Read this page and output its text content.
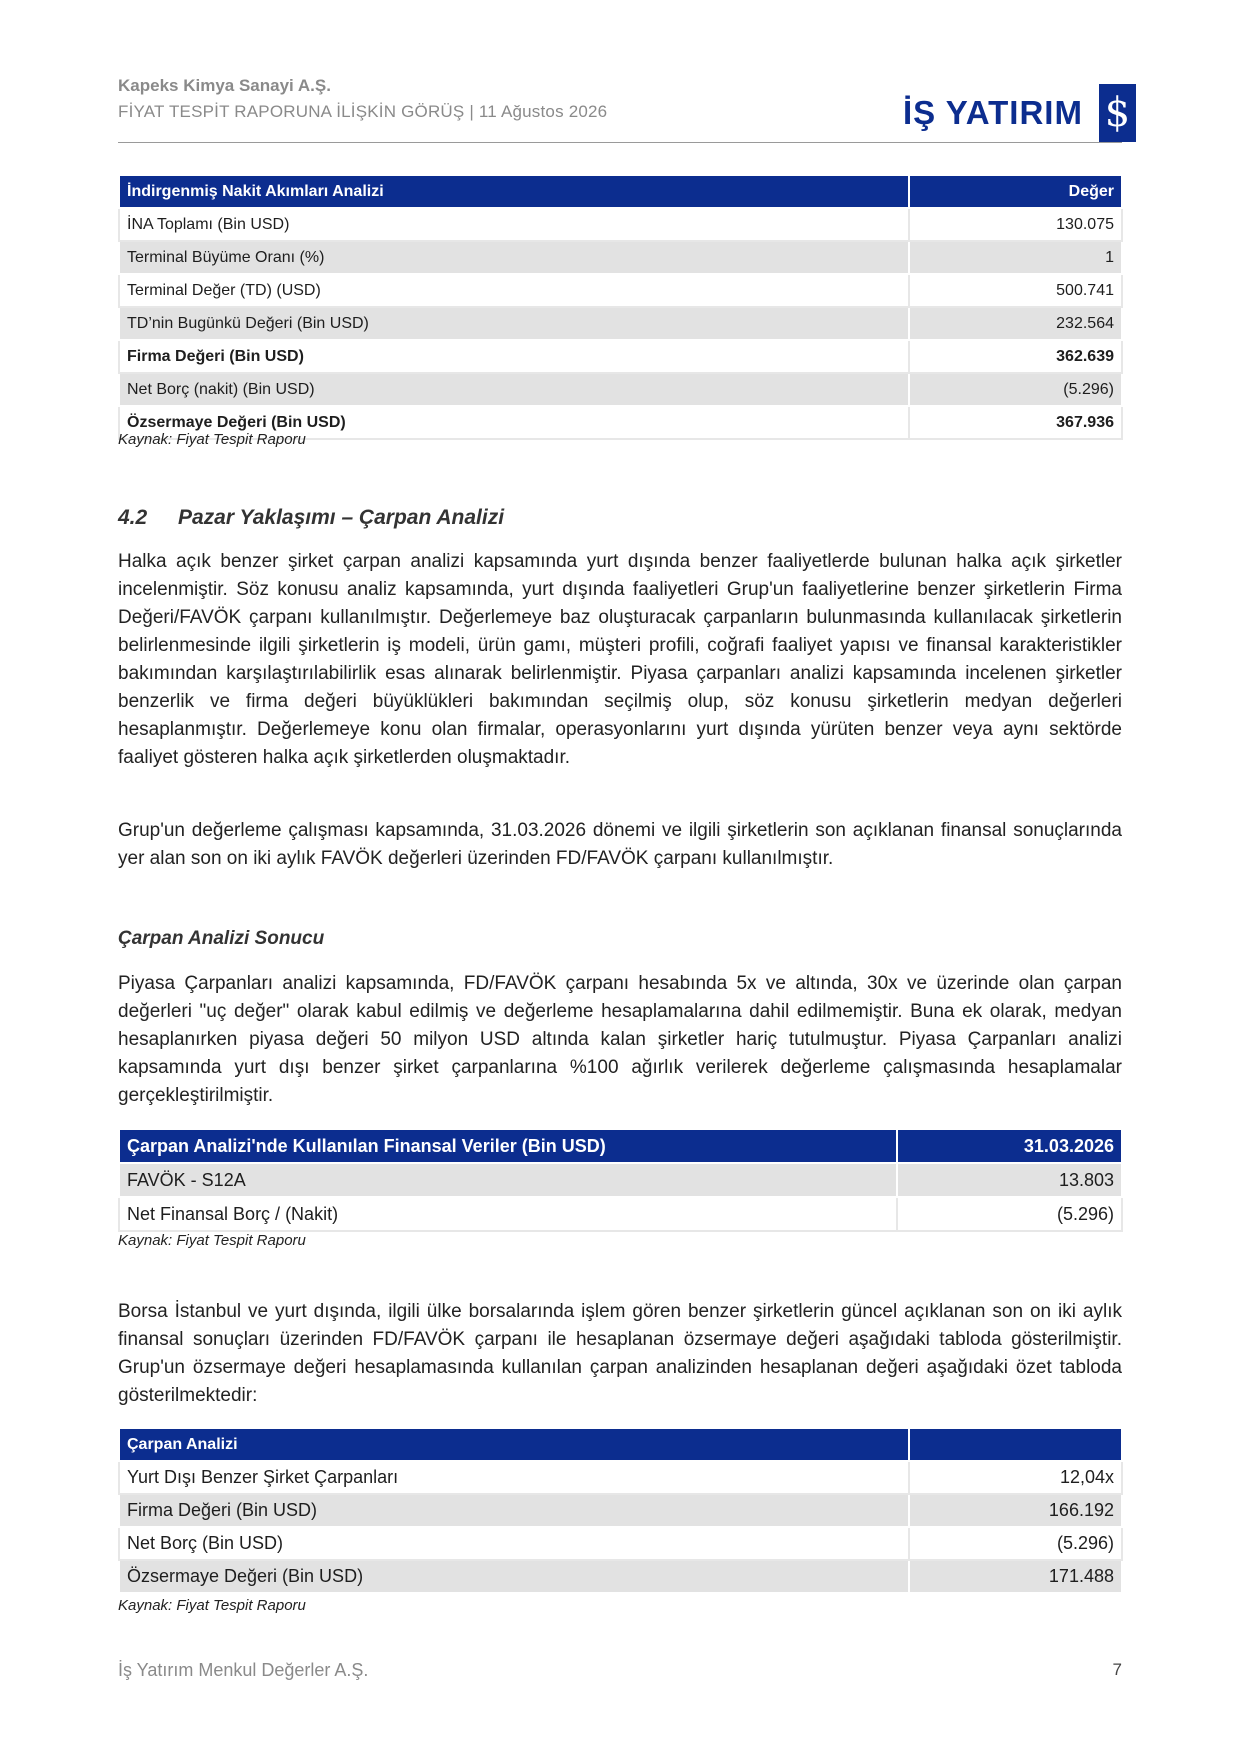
Kapeks Kimya Sanayi A.Ş.
FİYAT TESPİT RAPORUNA İLİŞKİN GÖRÜŞ | 11 Ağustos 2026	İŞ YATIRIM $
İndirgenmiş Nakit Akımları Analizi	Değer
İNA Toplamı (Bin USD)	130.075
Terminal Büyüme Oranı (%)	1
Terminal Değer (TD) (USD)	500.741
TD’nin Bugünkü Değeri (Bin USD)	232.564
Firma Değeri (Bin USD)	362.639
Net Borç (nakit) (Bin USD)	(5.296)
Özsermaye Değeri (Bin USD)	367.936
Kaynak: Fiyat Tespit Raporu
4.2 Pazar Yaklaşımı – Çarpan Analizi

Halka açık benzer şirket çarpan analizi kapsamında yurt dışında benzer faaliyetlerde bulunan halka açık şirketler incelenmiştir. Söz konusu analiz kapsamında, yurt dışında faaliyetleri Grup'un faaliyetlerine benzer şirketlerin Firma Değeri/FAVÖK çarpanı kullanılmıştır. Değerlemeye baz oluşturacak çarpanların bulunmasında kullanılacak şirketlerin belirlenmesinde ilgili şirketlerin iş modeli, ürün gamı, müşteri profili, coğrafi faaliyet yapısı ve finansal karakteristikler bakımından karşılaştırılabilirlik esas alınarak belirlenmiştir. Piyasa çarpanları analizi kapsamında incelenen şirketler benzerlik ve firma değeri büyüklükleri bakımından seçilmiş olup, söz konusu şirketlerin medyan değerleri hesaplanmıştır. Değerlemeye konu olan firmalar, operasyonlarını yurt dışında yürüten benzer veya aynı sektörde faaliyet gösteren halka açık şirketlerden oluşmaktadır.

Grup'un değerleme çalışması kapsamında, 31.03.2026 dönemi ve ilgili şirketlerin son açıklanan finansal sonuçlarında yer alan son on iki aylık FAVÖK değerleri üzerinden FD/FAVÖK çarpanı kullanılmıştır.

Çarpan Analizi Sonucu

Piyasa Çarpanları analizi kapsamında, FD/FAVÖK çarpanı hesabında 5x ve altında, 30x ve üzerinde olan çarpan değerleri "uç değer" olarak kabul edilmiş ve değerleme hesaplamalarına dahil edilmemiştir. Buna ek olarak, medyan hesaplanırken piyasa değeri 50 milyon USD altında kalan şirketler hariç tutulmuştur. Piyasa Çarpanları analizi kapsamında yurt dışı benzer şirket çarpanlarına %100 ağırlık verilerek değerleme çalışmasında hesaplamalar gerçekleştirilmiştir.

Çarpan Analizi'nde Kullanılan Finansal Veriler (Bin USD)	31.03.2026
FAVÖK - S12A	13.803
Net Finansal Borç / (Nakit)	(5.296)
Kaynak: Fiyat Tespit Raporu

Borsa İstanbul ve yurt dışında, ilgili ülke borsalarında işlem gören benzer şirketlerin güncel açıklanan son on iki aylık finansal sonuçları üzerinden FD/FAVÖK çarpanı ile hesaplanan özsermaye değeri aşağıdaki tabloda gösterilmiştir. Grup'un özsermaye değeri hesaplamasında kullanılan çarpan analizinden hesaplanan değeri aşağıdaki özet tabloda gösterilmektedir:

Çarpan Analizi	
Yurt Dışı Benzer Şirket Çarpanları	12,04x
Firma Değeri (Bin USD)	166.192
Net Borç (Bin USD)	(5.296)
Özsermaye Değeri (Bin USD)	171.488
Kaynak: Fiyat Tespit Raporu
İş Yatırım Menkul Değerler A.Ş.	7
